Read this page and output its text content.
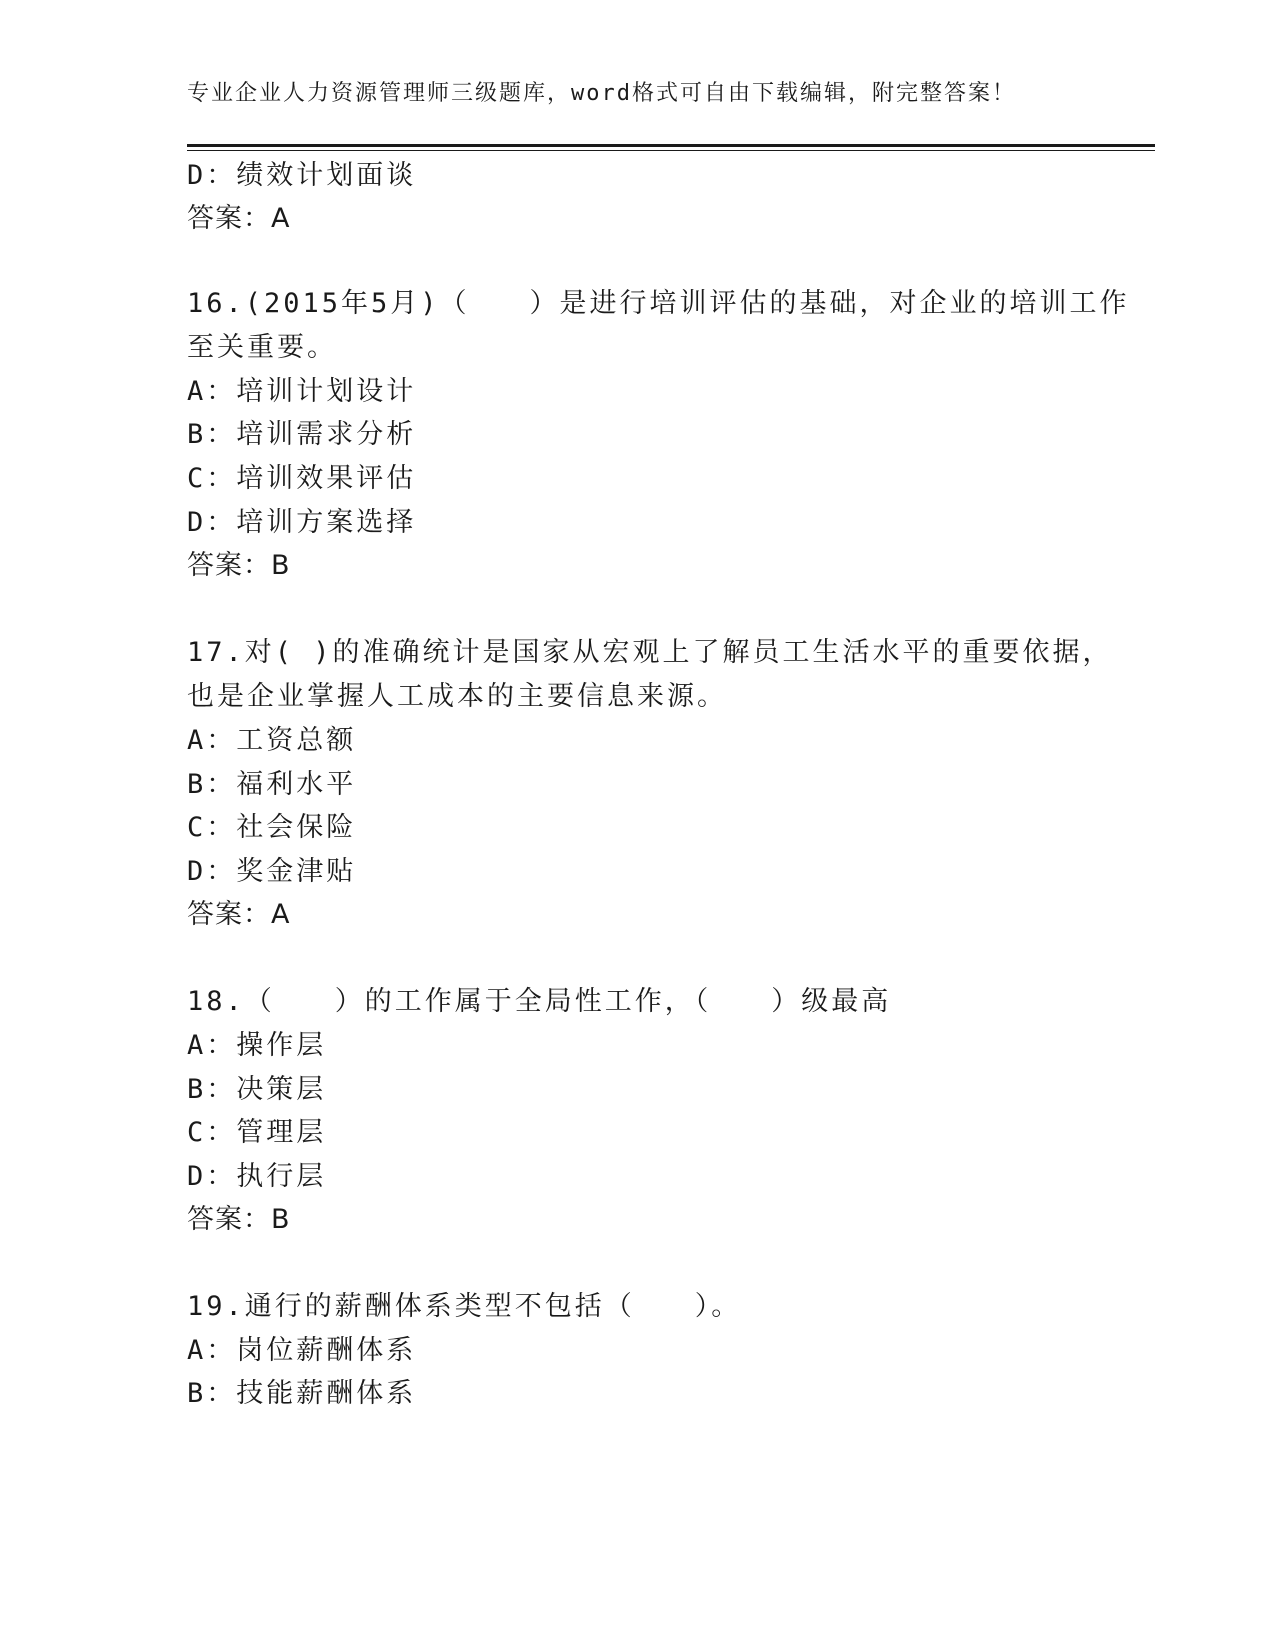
专业企业人力资源管理师三级题库，word格式可自由下载编辑，附完整答案！
D：绩效计划面谈
答案：A
16.(2015年5月)（　　）是进行培训评估的基础，对企业的培训工作
至关重要。
A：培训计划设计
B：培训需求分析
C：培训效果评估
D：培训方案选择
答案：B
17.对( )的准确统计是国家从宏观上了解员工生活水平的重要依据，
也是企业掌握人工成本的主要信息来源。
A：工资总额
B：福利水平
C：社会保险
D：奖金津贴
答案：A
18.（　　）的工作属于全局性工作，（　　）级最高
A：操作层
B：决策层
C：管理层
D：执行层
答案：B
19.通行的薪酬体系类型不包括（　　）。
A：岗位薪酬体系
B：技能薪酬体系
